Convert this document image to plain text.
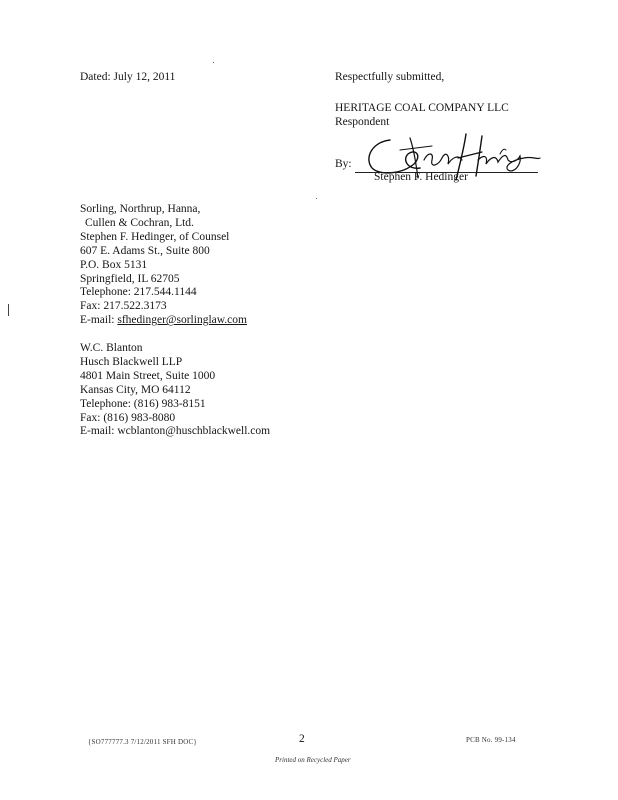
Dated: July 12, 2011	Respectfully submitted,
HERITAGE COAL COMPANY LLC
Respondent
By:
Stephen F. Hedinger
Sorling, Northrup, Hanna,
Cullen & Cochran, Ltd.
Stephen F. Hedinger, of Counsel
607 E. Adams St., Suite 800
P.O. Box 5131
Springfield, IL 62705
Telephone: 217.544.1144
Fax: 217.522.3173
E-mail: sfhedinger@sorlinglaw.com
W.C. Blanton
Husch Blackwell LLP
4801 Main Street, Suite 1000
Kansas City, MO 64112
Telephone: (816) 983-8151
Fax: (816) 983-8080
E-mail: wcblanton@huschblackwell.com
{SO777777.3 7/12/2011 SFH DOC}	2	PCB No. 99-134
Printed on Recycled Paper
